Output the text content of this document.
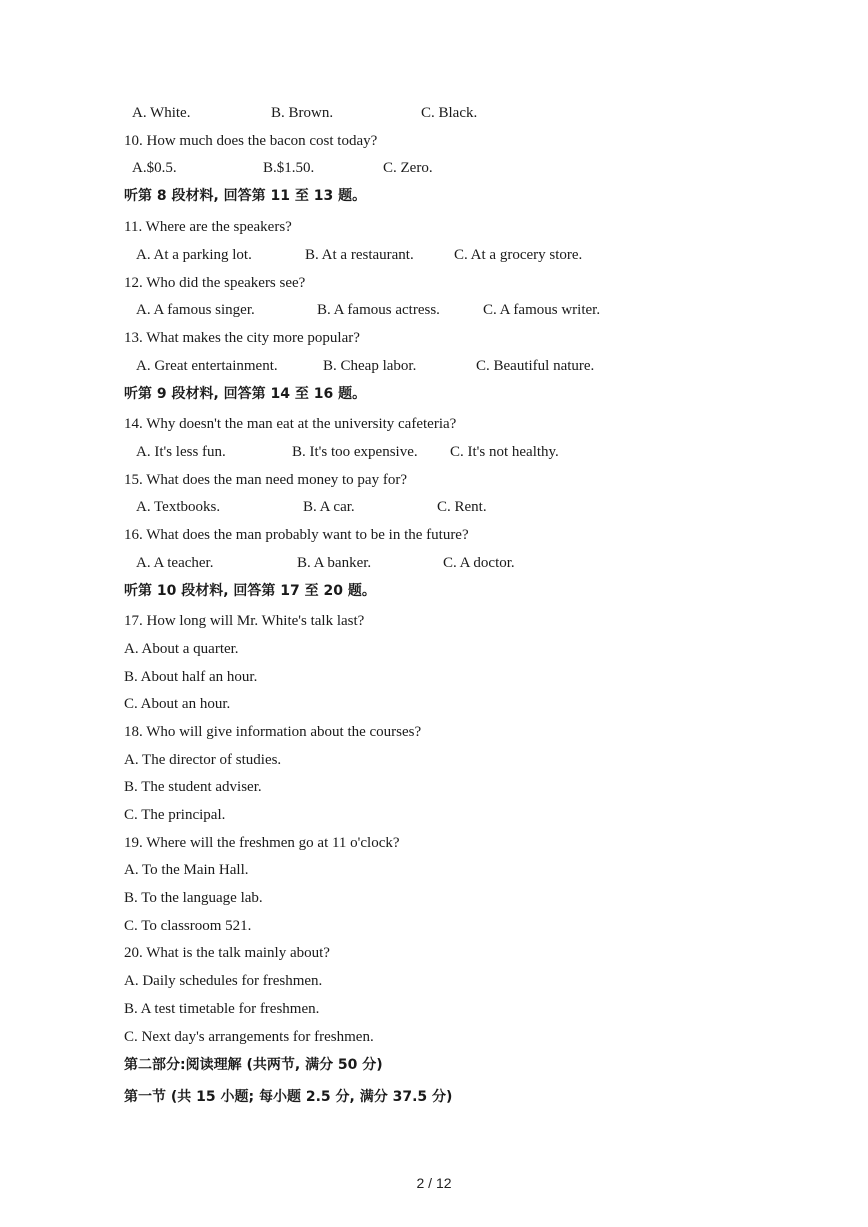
A. White.	B. Brown.	C. Black.
10. How much does the bacon cost today?
A.$0.5.	B.$1.50.	C. Zero.
听第 8 段材料, 回答第 11 至 13 题。
11. Where are the speakers?
A. At a parking lot.	B. At a restaurant.	C. At a grocery store.
12. Who did the speakers see?
A. A famous singer.	B. A famous actress.	C. A famous writer.
13. What makes the city more popular?
A. Great entertainment.	B. Cheap labor.	C. Beautiful nature.
听第 9 段材料, 回答第 14 至 16 题。
14. Why doesn't the man eat at the university cafeteria?
A. It's less fun.	B. It's too expensive. C. It's not healthy.
15. What does the man need money to pay for?
A. Textbooks.	B. A car.	C. Rent.
16. What does the man probably want to be in the future?
A. A teacher.	B. A banker.	C. A doctor.
听第 10 段材料, 回答第 17 至 20 题。
17. How long will Mr. White's talk last?
A. About a quarter.
B. About half an hour.
C. About an hour.
18. Who will give information about the courses?
A. The director of studies.
B. The student adviser.
C. The principal.
19. Where will the freshmen go at 11 o'clock?
A. To the Main Hall.
B. To the language lab.
C. To classroom 521.
20. What is the talk mainly about?
A. Daily schedules for freshmen.
B. A test timetable for freshmen.
C. Next day's arrangements for freshmen.
第二部分:阅读理解 (共两节, 满分 50 分)
第一节 (共 15 小题; 每小题 2.5 分, 满分 37.5 分)
2 / 12
